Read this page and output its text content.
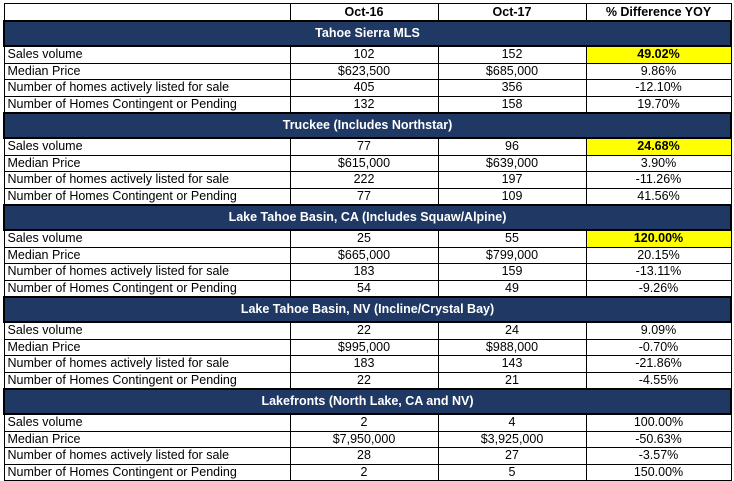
	Oct-16	Oct-17	% Difference YOY
Tahoe Sierra MLS			
Sales volume	102	152	49.02%
Median Price	$623,500	$685,000	9.86%
Number of homes actively listed for sale	405	356	-12.10%
Number of Homes Contingent or Pending	132	158	19.70%
Truckee (Includes Northstar)			
Sales volume	77	96	24.68%
Median Price	$615,000	$639,000	3.90%
Number of homes actively listed for sale	222	197	-11.26%
Number of Homes Contingent or Pending	77	109	41.56%
Lake Tahoe Basin, CA (Includes Squaw/Alpine)			
Sales volume	25	55	120.00%
Median Price	$665,000	$799,000	20.15%
Number of homes actively listed for sale	183	159	-13.11%
Number of Homes Contingent or Pending	54	49	-9.26%
Lake Tahoe Basin, NV (Incline/Crystal Bay)			
Sales volume	22	24	9.09%
Median Price	$995,000	$988,000	-0.70%
Number of homes actively listed for sale	183	143	-21.86%
Number of Homes Contingent or Pending	22	21	-4.55%
Lakefronts (North Lake, CA and NV)			
Sales volume	2	4	100.00%
Median Price	$7,950,000	$3,925,000	-50.63%
Number of homes actively listed for sale	28	27	-3.57%
Number of Homes Contingent or Pending	2	5	150.00%
